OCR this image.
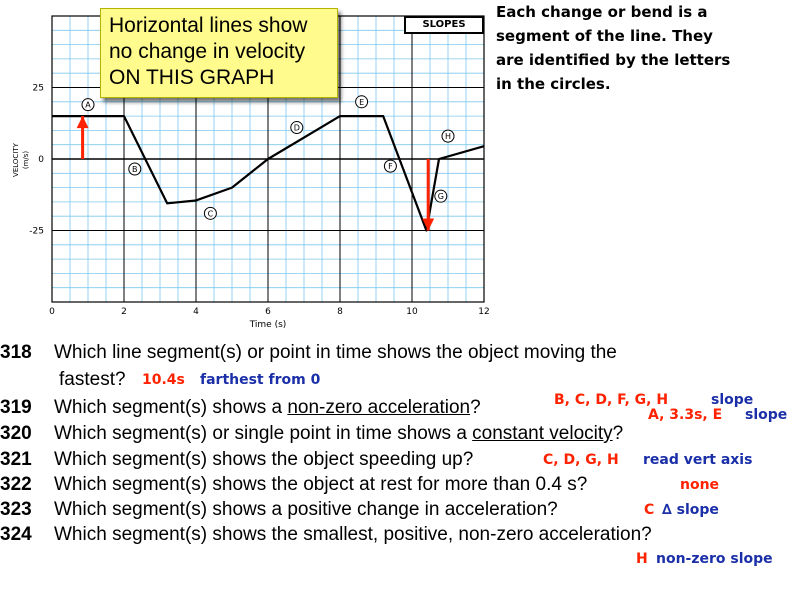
0	2	4	6	8	10	12
25
0
-25
A
B
C
D
E
F
G
H
Time (s)
VELOCITY (m/s)
SLOPES
Horizontal lines show
no change in velocity
ON THIS GRAPH
Each change or bend is a
segment of the line. They
are identified by the letters
in the circles.
318 Which line segment(s) or point in time shows the object moving the
fastest? 10.4s farthest from 0
319 Which segment(s) shows a non-zero acceleration?	B, C, D, F, G, H	slope
A, 3.3s, E slope
320 Which segment(s) or single point in time shows a constant velocity?
321 Which segment(s) shows the object speeding up?	C, D, G, H read vert axis
322 Which segment(s) shows the object at rest for more than 0.4 s?	none
323 Which segment(s) shows a positive change in acceleration?	C ∆ slope
324 Which segment(s) shows the smallest, positive, non-zero acceleration?
H non-zero slope
